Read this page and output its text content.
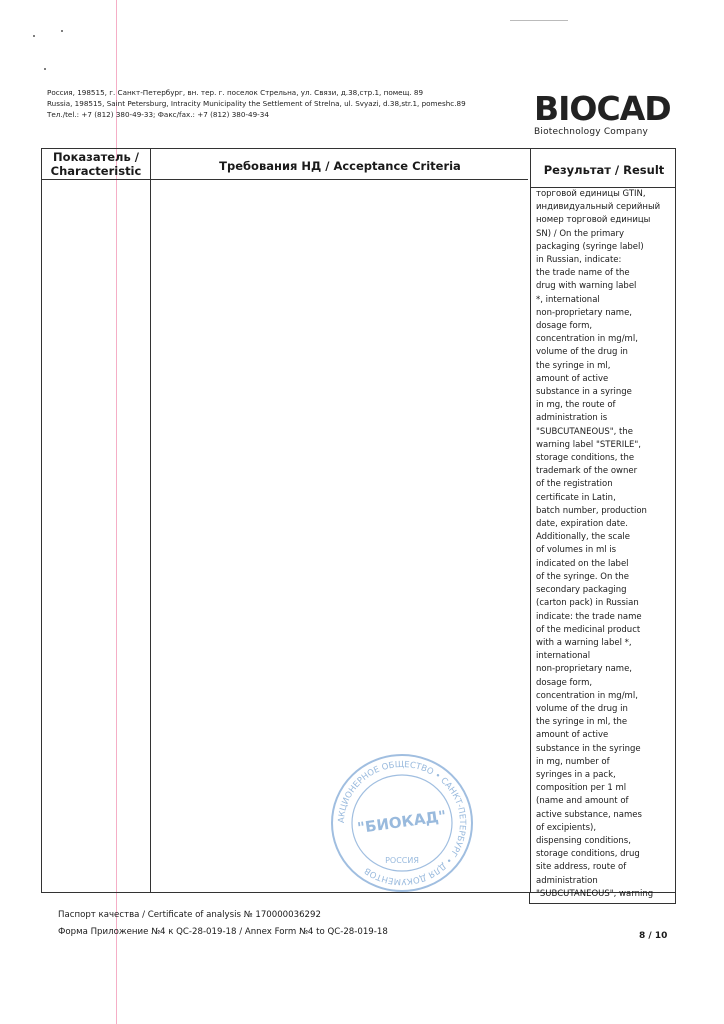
Россия, 198515, г. Санкт-Петербург, вн. тер. г. поселок Стрельна, ул. Связи, д.38,стр.1, помещ. 89
Russia, 198515, Saint Petersburg, Intracity Municipality the Settlement of Strelna, ul. Svyazi, d.38,str.1, pomeshc.89
Тел./tel.: +7 (812) 380-49-33; Факс/fax.: +7 (812) 380-49-34	BIOCAD
Biotechnology Company
Показатель /
Characteristic	Требования НД / Acceptance Criteria	Результат / Result
торговой единицы GTIN,
индивидуальный серийный
номер торговой единицы
SN) / On the primary
packaging (syringe label)
in Russian, indicate:
the trade name of the
drug with warning label
*, international
non-proprietary name,
dosage form,
concentration in mg/ml,
volume of the drug in
the syringe in ml,
amount of active
substance in a syringe
in mg, the route of
administration is
"SUBCUTANEOUS", the
warning label "STERILE",
storage conditions, the
trademark of the owner
of the registration
certificate in Latin,
batch number, production
date, expiration date.
Additionally, the scale
of volumes in ml is
indicated on the label
of the syringe. On the
secondary packaging
(carton pack) in Russian
indicate: the trade name
of the medicinal product
with a warning label *,
international
non-proprietary name,
dosage form,
concentration in mg/ml,
volume of the drug in
the syringe in ml, the
amount of active
substance in the syringe
in mg, number of
syringes in a pack,
composition per 1 ml
(name and amount of
active substance, names
of excipients),
dispensing conditions,
storage conditions, drug
site address, route of
administration
"SUBCUTANEOUS", warning
АКЦИОНЕРНОЕ ОБЩЕСТВО • САНКТ-ПЕТЕРБУРГ • ДЛЯ ДОКУМЕНТОВ
"БИОКАД"
РОССИЯ
Паспорт качества / Certificate of analysis № 170000036292
Форма Приложение №4 к QC-28-019-18 / Annex Form №4 to QC-28-019-18	8 / 10
